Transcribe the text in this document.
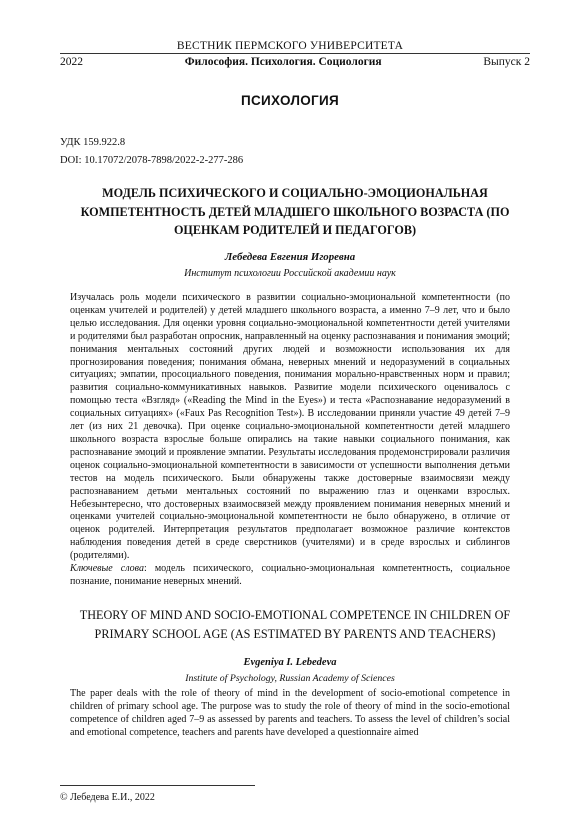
ВЕСТНИК ПЕРМСКОГО УНИВЕРСИТЕТА
2022	Философия. Психология. Социология	Выпуск 2
ПСИХОЛОГИЯ
УДК 159.922.8
DOI: 10.17072/2078-7898/2022-2-277-286
МОДЕЛЬ ПСИХИЧЕСКОГО И СОЦИАЛЬНО-ЭМОЦИОНАЛЬНАЯ КОМПЕТЕНТНОСТЬ ДЕТЕЙ МЛАДШЕГО ШКОЛЬНОГО ВОЗРАСТА (ПО ОЦЕНКАМ РОДИТЕЛЕЙ И ПЕДАГОГОВ)
Лебедева Евгения Игоревна
Институт психологии Российской академии наук

Изучалась роль модели психического в развитии социально-эмоциональной компетентности (по оценкам учителей и родителей) у детей младшего школьного возраста, а именно 7–9 лет, что и было целью исследования. Для оценки уровня социально-эмоциональной компетентности детей учителями и родителями был разработан опросник, направленный на оценку распознавания и понимания эмоций; понимания ментальных состояний других людей и возможности использования их для прогнозирования поведения; понимания обмана, неверных мнений и недоразумений в социальных ситуациях; эмпатии, просоциального поведения, понимания морально-нравственных норм и правил; развития социально-коммуникативных навыков. Развитие модели психического оценивалось с помощью теста «Взгляд» («Reading the Mind in the Eyes») и теста «Распознавание недоразумений в социальных ситуациях» («Faux Pas Recognition Test»). В исследовании приняли участие 49 детей 7–9 лет (из них 21 девочка). При оценке социально-эмоциональной компетентности детей младшего школьного возраста взрослые больше опирались на такие навыки социального понимания, как распознавание эмоций и проявление эмпатии. Результаты исследования продемонстрировали различия оценок социально-эмоциональной компетентности в зависимости от успешности выполнения детьми тестов на модель психического. Были обнаружены также достоверные взаимосвязи между распознаванием детьми ментальных состояний по выражению глаз и оценками взрослых. Небезынтересно, что достоверных взаимосвязей между проявлением понимания неверных мнений и оценками учителей социально-эмоциональной компетентности не было обнаружено, в отличие от оценок родителей. Интерпретация результатов предполагает возможное различие контекстов наблюдения поведения детей в среде сверстников (учителями) и в среде взрослых и сиблингов (родителями).

Ключевые слова: модель психического, социально-эмоциональная компетентность, социальное познание, понимание неверных мнений.
THEORY OF MIND AND SOCIO-EMOTIONAL COMPETENCE IN CHILDREN OF PRIMARY SCHOOL AGE (AS ESTIMATED BY PARENTS AND TEACHERS)
Evgeniya I. Lebedeva
Institute of Psychology, Russian Academy of Sciences

The paper deals with the role of theory of mind in the development of socio-emotional competence in children of primary school age. The purpose was to study the role of theory of mind in the socio-emotional competence of children aged 7–9 as assessed by parents and teachers. To assess the level of children’s social and emotional competence, teachers and parents have developed a questionnaire aimed

© Лебедева Е.И., 2022
